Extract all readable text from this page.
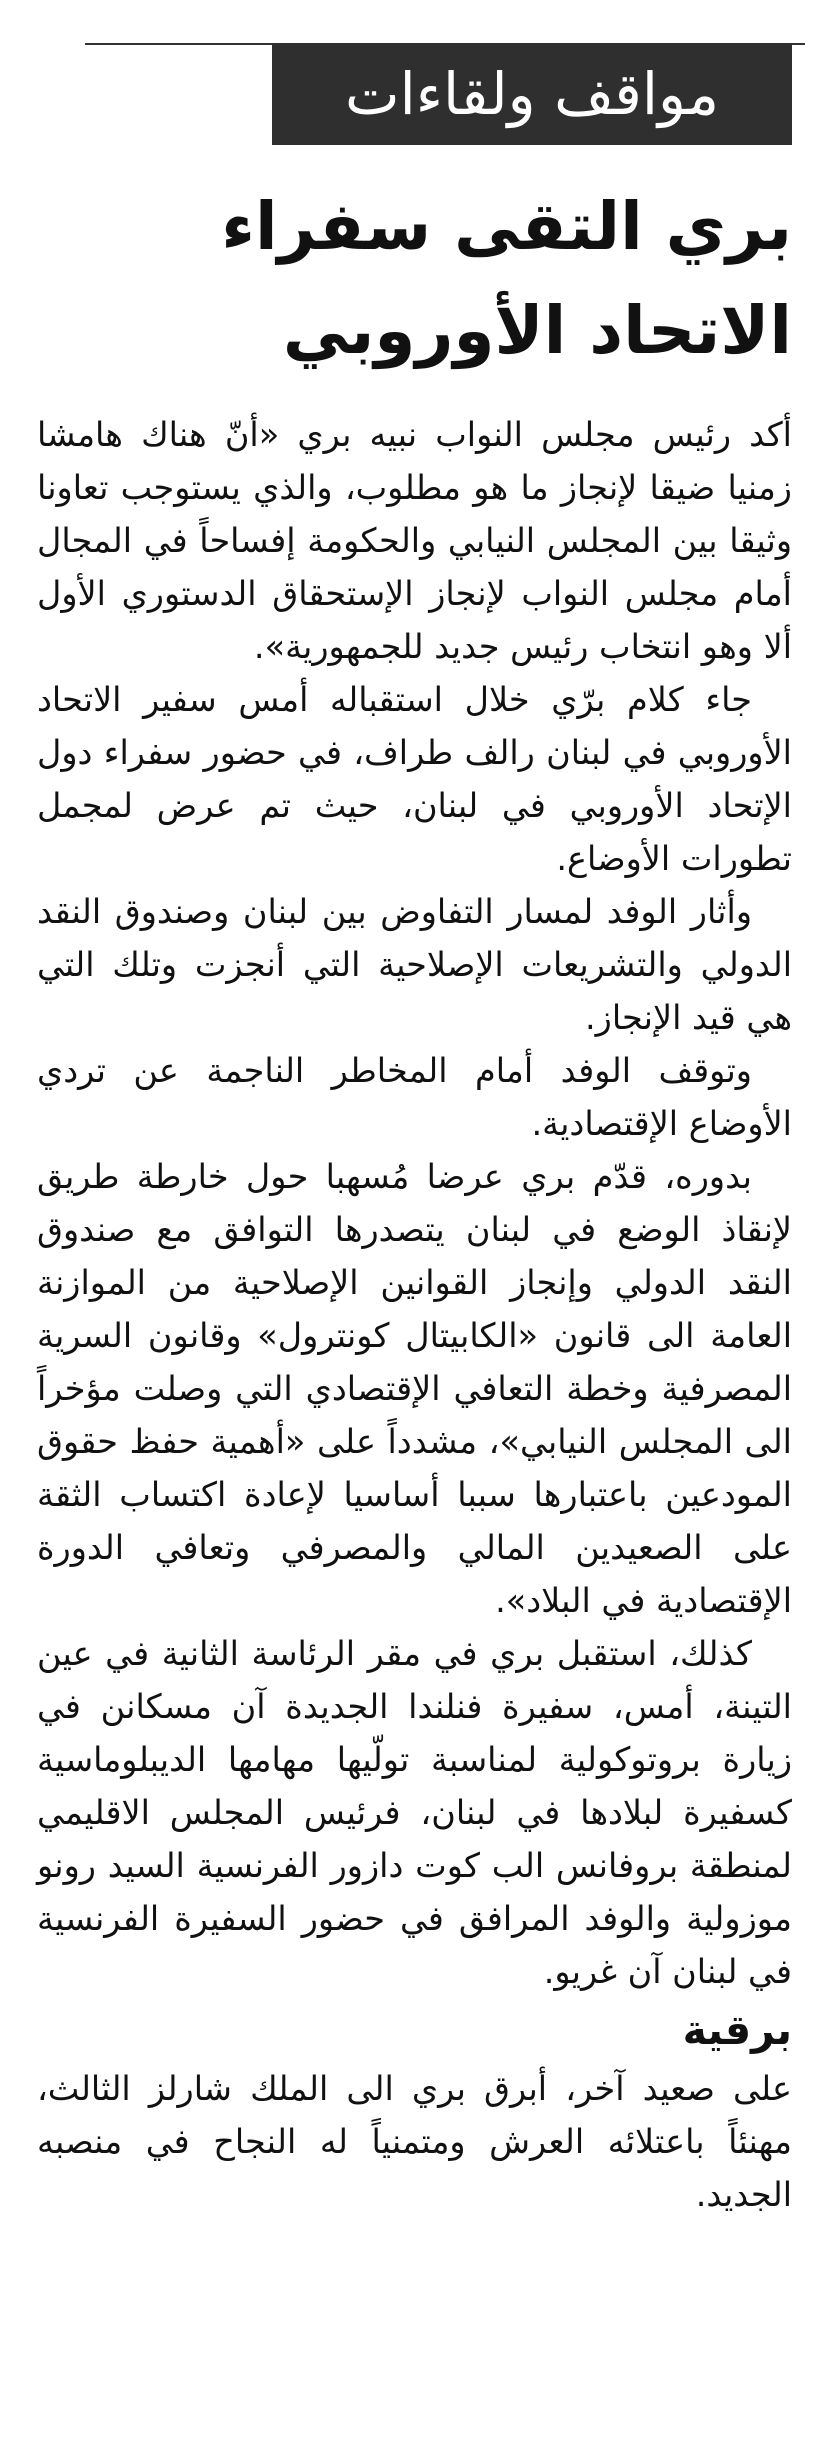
مواقف ولقاءات
بري التقى سفراء
الاتحاد الأوروبي

أكد رئيس مجلس النواب نبيه بري «أنّ هناك هامشا زمنيا ضيقا لإنجاز ما هو مطلوب، والذي يستوجب تعاونا وثيقا بين المجلس النيابي والحكومة إفساحاً في المجال أمام مجلس النواب لإنجاز الإستحقاق الدستوري الأول ألا وهو انتخاب رئيس جديد للجمهورية».

جاء كلام برّي خلال استقباله أمس سفير الاتحاد الأوروبي في لبنان رالف طراف، في حضور سفراء دول الإتحاد الأوروبي في لبنان، حيث تم عرض لمجمل تطورات الأوضاع.

وأثار الوفد لمسار التفاوض بين لبنان وصندوق النقد الدولي والتشريعات الإصلاحية التي أنجزت وتلك التي هي قيد الإنجاز.

وتوقف الوفد أمام المخاطر الناجمة عن تردي الأوضاع الإقتصادية.

بدوره، قدّم بري عرضا مُسهبا حول خارطة طريق لإنقاذ الوضع في لبنان يتصدرها التوافق مع صندوق النقد الدولي وإنجاز القوانين الإصلاحية من الموازنة العامة الى قانون «الكابيتال كونترول» وقانون السرية المصرفية وخطة التعافي الإقتصادي التي وصلت مؤخراً الى المجلس النيابي»، مشدداً على «أهمية حفظ حقوق المودعين باعتبارها سببا أساسيا لإعادة اكتساب الثقة على الصعيدين المالي والمصرفي وتعافي الدورة الإقتصادية في البلاد».

كذلك، استقبل بري في مقر الرئاسة الثانية في عين التينة، أمس، سفيرة فنلندا الجديدة آن مسكانن في زيارة بروتوكولية لمناسبة تولّيها مهامها الديبلوماسية كسفيرة لبلادها في لبنان، فرئيس المجلس الاقليمي لمنطقة بروفانس الب كوت دازور الفرنسية السيد رونو موزولية والوفد المرافق في حضور السفيرة الفرنسية في لبنان آن غريو.

برقية

على صعيد آخر، أبرق بري الى الملك شارلز الثالث، مهنئاً باعتلائه العرش ومتمنياً له النجاح في منصبه الجديد.
